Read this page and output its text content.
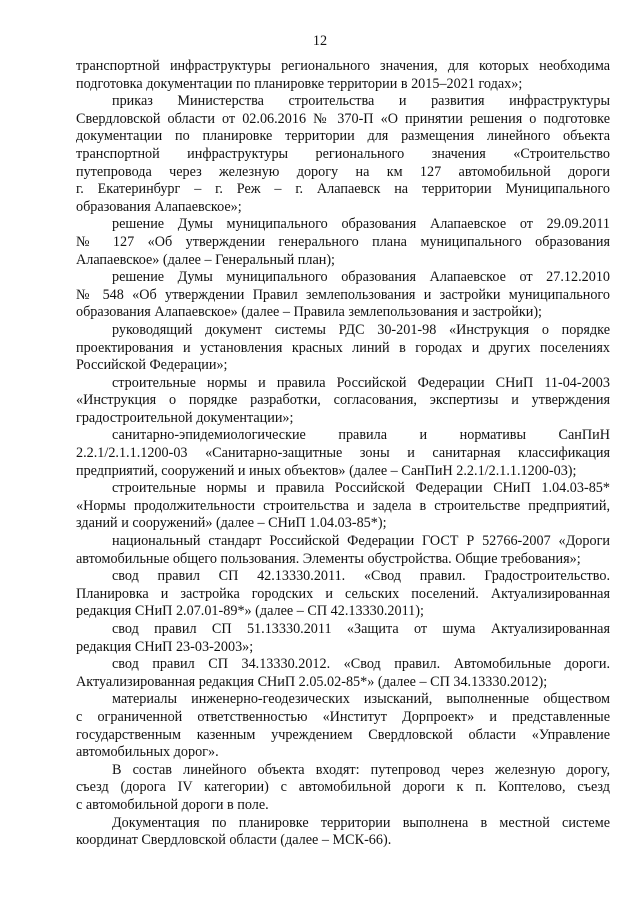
12

транспортной инфраструктуры регионального значения, для которых необходима
подготовка документации по планировке территории в 2015–2021 годах»;

приказ Министерства строительства и развития инфраструктуры
Свердловской области от 02.06.2016 № 370-П «О принятии решения о подготовке
документации по планировке территории для размещения линейного объекта
транспортной инфраструктуры регионального значения «Строительство
путепровода через железную дорогу на км 127 автомобильной дороги
г. Екатеринбург – г. Реж – г. Алапаевск на территории Муниципального
образования Алапаевское»;

решение Думы муниципального образования Алапаевское от 29.09.2011
№ 127 «Об утверждении генерального плана муниципального образования
Алапаевское» (далее – Генеральный план);

решение Думы муниципального образования Алапаевское от 27.12.2010
№ 548 «Об утверждении Правил землепользования и застройки муниципального
образования Алапаевское» (далее – Правила землепользования и застройки);

руководящий документ системы РДС 30-201-98 «Инструкция о порядке
проектирования и установления красных линий в городах и других поселениях
Российской Федерации»;

строительные нормы и правила Российской Федерации СНиП 11-04-2003
«Инструкция о порядке разработки, согласования, экспертизы и утверждения
градостроительной документации»;

санитарно-эпидемиологические правила и нормативы СанПиН
2.2.1/2.1.1.1200-03 «Санитарно-защитные зоны и санитарная классификация
предприятий, сооружений и иных объектов» (далее – СанПиН 2.2.1/2.1.1.1200-03);

строительные нормы и правила Российской Федерации СНиП 1.04.03-85*
«Нормы продолжительности строительства и задела в строительстве предприятий,
зданий и сооружений» (далее – СНиП 1.04.03-85*);

национальный стандарт Российской Федерации ГОСТ Р 52766-2007 «Дороги
автомобильные общего пользования. Элементы обустройства. Общие требования»;

свод правил СП 42.13330.2011. «Свод правил. Градостроительство.
Планировка и застройка городских и сельских поселений. Актуализированная
редакция СНиП 2.07.01-89*» (далее – СП 42.13330.2011);

свод правил СП 51.13330.2011 «Защита от шума Актуализированная
редакция СНиП 23-03-2003»;

свод правил СП 34.13330.2012. «Свод правил. Автомобильные дороги.
Актуализированная редакция СНиП 2.05.02-85*» (далее – СП 34.13330.2012);

материалы инженерно-геодезических изысканий, выполненные обществом
с ограниченной ответственностью «Институт Дорпроект» и представленные
государственным казенным учреждением Свердловской области «Управление
автомобильных дорог».

В состав линейного объекта входят: путепровод через железную дорогу,
съезд (дорога IV категории) с автомобильной дороги к п. Коптелово, съезд
с автомобильной дороги в поле.

Документация по планировке территории выполнена в местной системе
координат Свердловской области (далее – МСК-66).
